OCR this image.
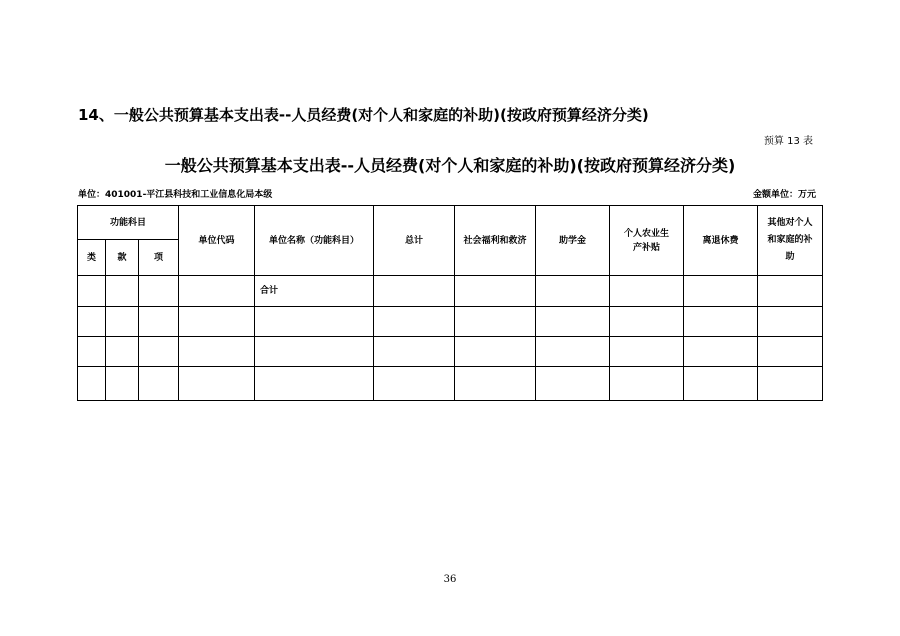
14、一般公共预算基本支出表--人员经费(对个人和家庭的补助)(按政府预算经济分类)
预算 13 表
一般公共预算基本支出表--人员经费(对个人和家庭的补助)(按政府预算经济分类)
单位：401001-平江县科技和工业信息化局本级	金额单位：万元
功能科目			单位代码	单位名称（功能科目）	总计	社会福利和救济	助学金	个人农业生产补贴	离退休费	其他对个人和家庭的补助
类	款	项								
				合计						

36
